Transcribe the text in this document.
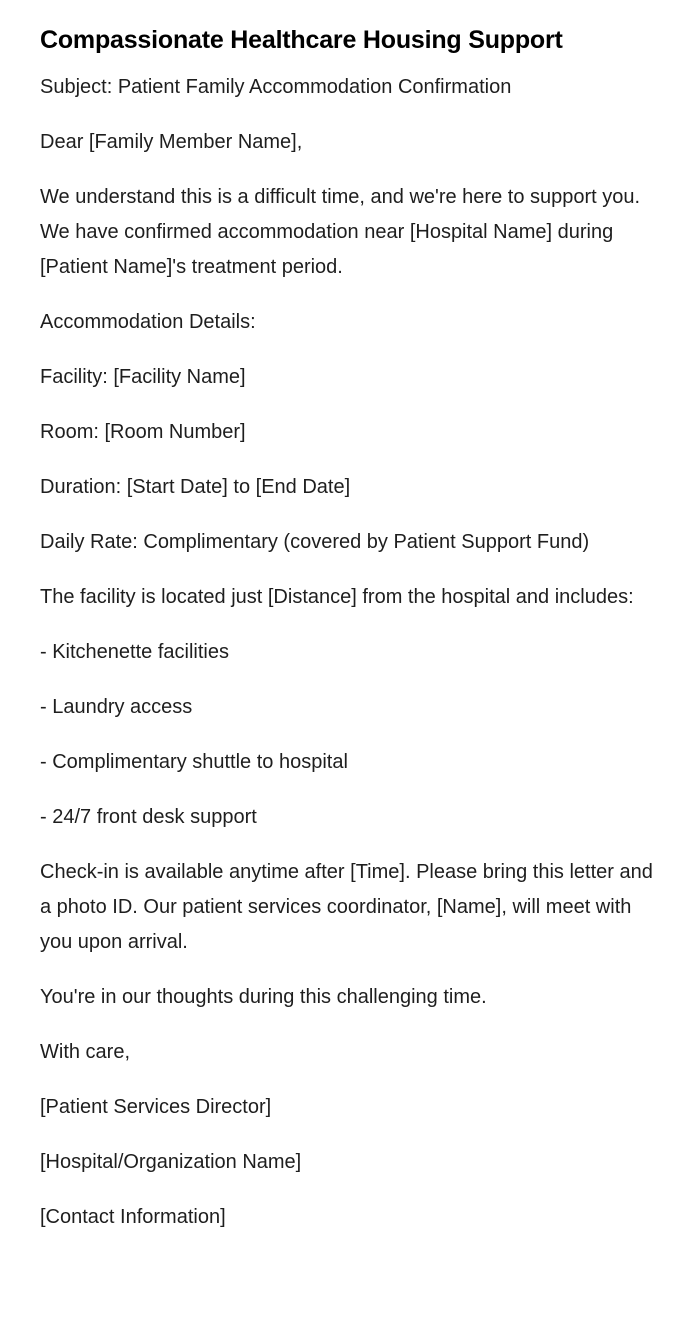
Compassionate Healthcare Housing Support

Subject: Patient Family Accommodation Confirmation

Dear [Family Member Name],

We understand this is a difficult time, and we're here to support you. We have confirmed accommodation near [Hospital Name] during [Patient Name]'s treatment period.

Accommodation Details:

Facility: [Facility Name]

Room: [Room Number]

Duration: [Start Date] to [End Date]

Daily Rate: Complimentary (covered by Patient Support Fund)

The facility is located just [Distance] from the hospital and includes:

- Kitchenette facilities

- Laundry access

- Complimentary shuttle to hospital

- 24/7 front desk support

Check-in is available anytime after [Time]. Please bring this letter and a photo ID. Our patient services coordinator, [Name], will meet with you upon arrival.

You're in our thoughts during this challenging time.

With care,

[Patient Services Director]

[Hospital/Organization Name]

[Contact Information]
